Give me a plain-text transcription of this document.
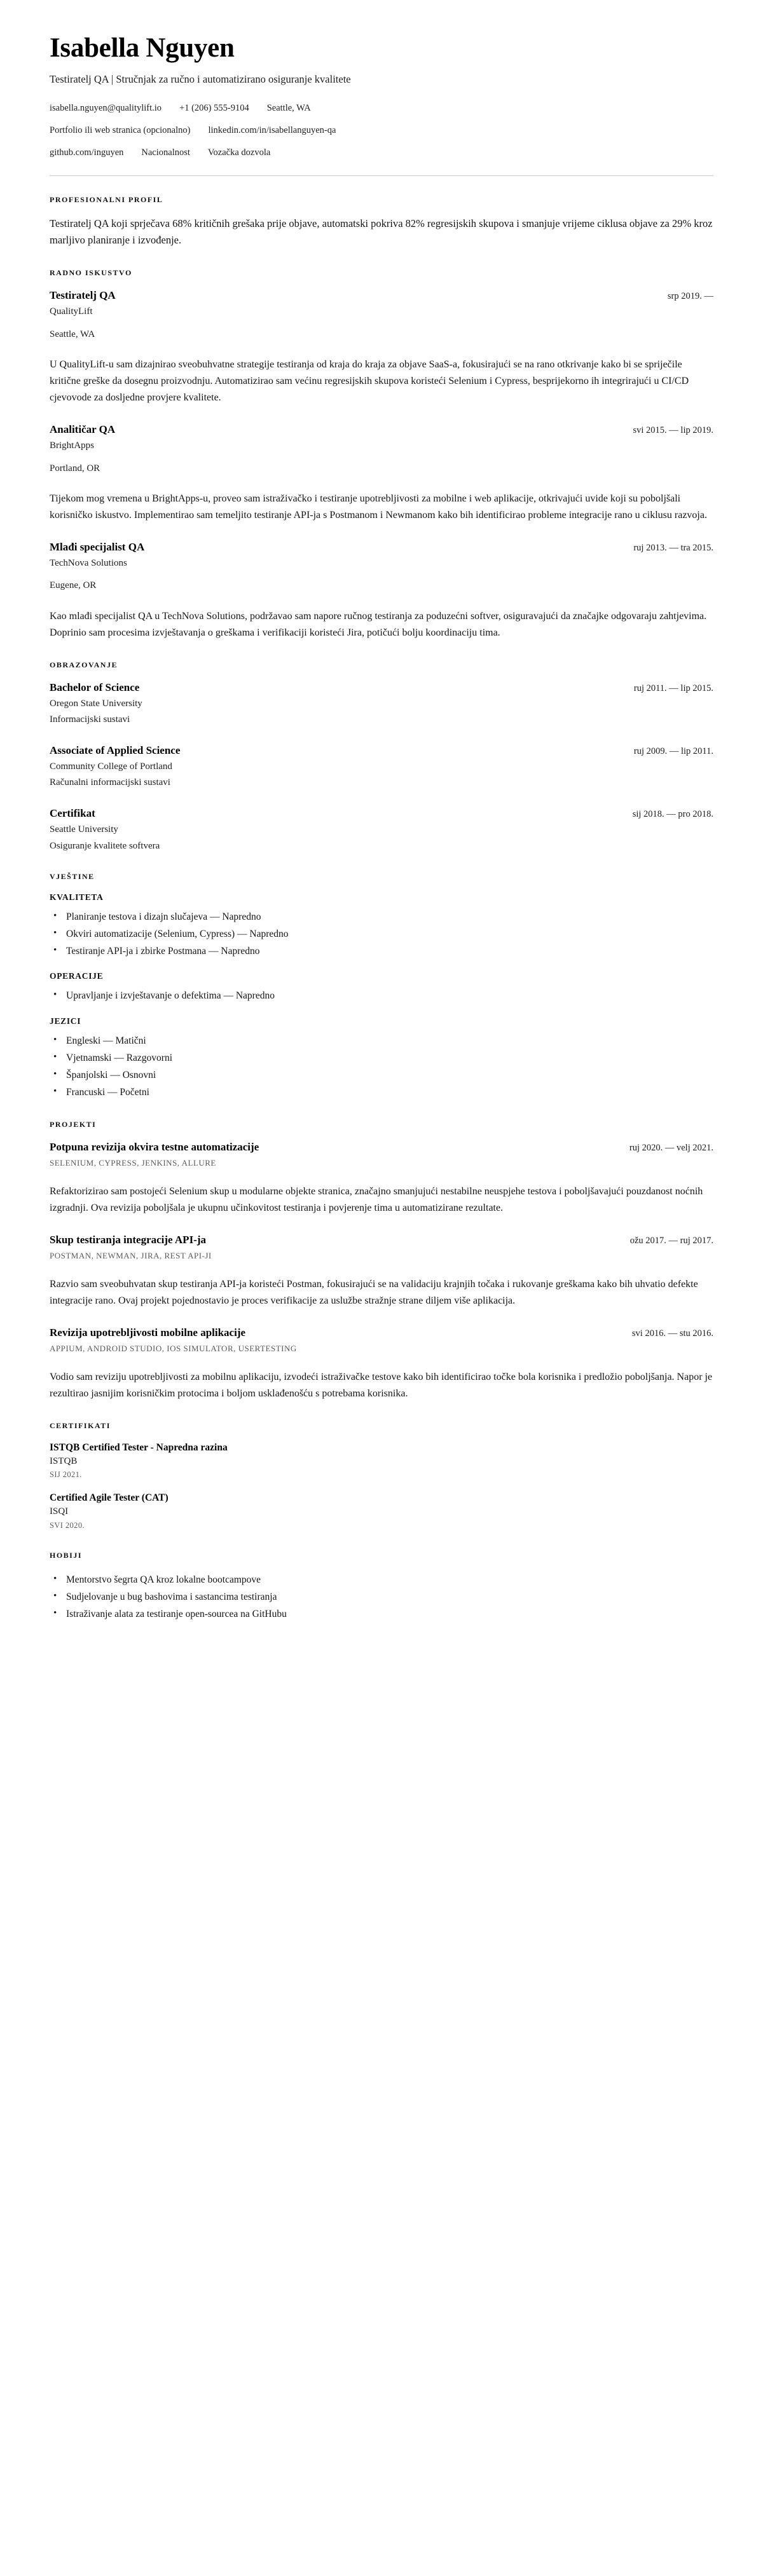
Isabella Nguyen
Testiratelj QA | Stručnjak za ručno i automatizirano osiguranje kvalitete
isabella.nguyen@qualitylift.io +1 (206) 555-9104 Seattle, WA
Portfolio ili web stranica (opcionalno) linkedin.com/in/isabellanguyen-qa
github.com/inguyen Nacionalnost Vozačka dozvola
PROFESIONALNI PROFIL

Testiratelj QA koji sprječava 68% kritičnih grešaka prije objave, automatski pokriva 82% regresijskih skupova i smanjuje vrijeme ciklusa objave za 29% kroz marljivo planiranje i izvođenje.

RADNO ISKUSTVO
Testiratelj QA	srp 2019. —
QualityLift
Seattle, WA

U QualityLift-u sam dizajnirao sveobuhvatne strategije testiranja od kraja do kraja za objave SaaS-a, fokusirajući se na rano otkrivanje kako bi se spriječile kritične greške da dosegnu proizvodnju. Automatizirao sam većinu regresijskih skupova koristeći Selenium i Cypress, besprijekorno ih integrirajući u CI/CD cjevovode za dosljedne provjere kvalitete.

Analitičar QA	svi 2015. — lip 2019.
BrightApps
Portland, OR

Tijekom mog vremena u BrightApps-u, proveo sam istraživačko i testiranje upotrebljivosti za mobilne i web aplikacije, otkrivajući uvide koji su poboljšali korisničko iskustvo. Implementirao sam temeljito testiranje API-ja s Postmanom i Newmanom kako bih identificirao probleme integracije rano u ciklusu razvoja.

Mlađi specijalist QA	ruj 2013. — tra 2015.
TechNova Solutions
Eugene, OR

Kao mlađi specijalist QA u TechNova Solutions, podržavao sam napore ručnog testiranja za poduzećni softver, osiguravajući da značajke odgovaraju zahtjevima. Doprinio sam procesima izvještavanja o greškama i verifikaciji koristeći Jira, potičući bolju koordinaciju tima.

OBRAZOVANJE
Bachelor of Science	ruj 2011. — lip 2015.
Oregon State University
Informacijski sustavi
Associate of Applied Science	ruj 2009. — lip 2011.
Community College of Portland
Računalni informacijski sustavi
Certifikat	sij 2018. — pro 2018.
Seattle University
Osiguranje kvalitete softvera
VJEŠTINE
KVALITETA
• Planiranje testova i dizajn slučajeva — Napredno
• Okviri automatizacije (Selenium, Cypress) — Napredno
• Testiranje API-ja i zbirke Postmana — Napredno
OPERACIJE
• Upravljanje i izvještavanje o defektima — Napredno
JEZICI
• Engleski — Matični
• Vjetnamski — Razgovorni
• Španjolski — Osnovni
• Francuski — Početni
PROJEKTI
Potpuna revizija okvira testne automatizacije	ruj 2020. — velj 2021.
SELENIUM, CYPRESS, JENKINS, ALLURE

Refaktorizirao sam postojeći Selenium skup u modularne objekte stranica, značajno smanjujući nestabilne neuspjehe testova i poboljšavajući pouzdanost noćnih izgradnji. Ova revizija poboljšala je ukupnu učinkovitost testiranja i povjerenje tima u automatizirane rezultate.

Skup testiranja integracije API-ja	ožu 2017. — ruj 2017.
POSTMAN, NEWMAN, JIRA, REST API-JI

Razvio sam sveobuhvatan skup testiranja API-ja koristeći Postman, fokusirajući se na validaciju krajnjih točaka i rukovanje greškama kako bih uhvatio defekte integracije rano. Ovaj projekt pojednostavio je proces verifikacije za uslužbe stražnje strane diljem više aplikacija.

Revizija upotrebljivosti mobilne aplikacije	svi 2016. — stu 2016.
APPIUM, ANDROID STUDIO, IOS SIMULATOR, USERTESTING

Vodio sam reviziju upotrebljivosti za mobilnu aplikaciju, izvodeći istraživačke testove kako bih identificirao točke bola korisnika i predložio poboljšanja. Napor je rezultirao jasnijim korisničkim protocima i boljom usklađenošću s potrebama korisnika.

CERTIFIKATI
ISTQB Certified Tester - Napredna razina
ISTQB
SIJ 2021.
Certified Agile Tester (CAT)
ISQI
SVI 2020.
HOBIJI
• Mentorstvo šegrta QA kroz lokalne bootcampove
• Sudjelovanje u bug bashovima i sastancima testiranja
• Istraživanje alata za testiranje open-sourcea na GitHubu
